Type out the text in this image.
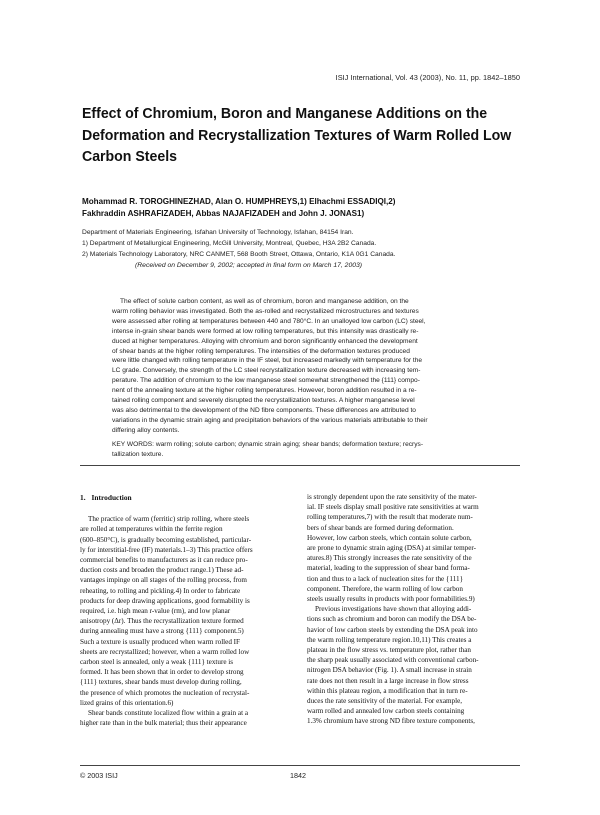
ISIJ International, Vol. 43 (2003), No. 11, pp. 1842–1850
Effect of Chromium, Boron and Manganese Additions on the
Deformation and Recrystallization Textures of Warm Rolled Low
Carbon Steels
Mohammad R. TOROGHINEZHAD, Alan O. HUMPHREYS,1) Elhachmi ESSADIQI,2)
Fakhraddin ASHRAFIZADEH, Abbas NAJAFIZADEH and John J. JONAS1)
Department of Materials Engineering, Isfahan University of Technology, Isfahan, 84154 Iran.
1) Department of Metallurgical Engineering, McGill University, Montreal, Quebec, H3A 2B2 Canada.
2) Materials Technology Laboratory, NRC CANMET, 568 Booth Street, Ottawa, Ontario, K1A 0G1 Canada.
(Received on December 9, 2002; accepted in final form on March 17, 2003)
The effect of solute carbon content, as well as of chromium, boron and manganese addition, on the
warm rolling behavior was investigated. Both the as-rolled and recrystallized microstructures and textures
were assessed after rolling at temperatures between 440 and 780°C. In an unalloyed low carbon (LC) steel,
intense in-grain shear bands were formed at low rolling temperatures, but this intensity was drastically re-
duced at higher temperatures. Alloying with chromium and boron significantly enhanced the development
of shear bands at the higher rolling temperatures. The intensities of the deformation textures produced
were little changed with rolling temperature in the IF steel, but increased markedly with temperature for the
LC grade. Conversely, the strength of the LC steel recrystallization texture decreased with increasing tem-
perature. The addition of chromium to the low manganese steel somewhat strengthened the {111} compo-
nent of the annealing texture at the higher rolling temperatures. However, boron addition resulted in a re-
tained rolling component and severely disrupted the recrystallization textures. A higher manganese level
was also detrimental to the development of the ND fibre components. These differences are attributed to
variations in the dynamic strain aging and precipitation behaviors of the various materials attributable to their
differing alloy contents.
KEY WORDS: warm rolling; solute carbon; dynamic strain aging; shear bands; deformation texture; recrys-
tallization texture.
1. Introduction
The practice of warm (ferritic) strip rolling, where steels
are rolled at temperatures within the ferrite region
(600–850°C), is gradually becoming established, particular-
ly for interstitial-free (IF) materials.1–3) This practice offers
commercial benefits to manufacturers as it can reduce pro-
duction costs and broaden the product range.1) These ad-
vantages impinge on all stages of the rolling process, from
reheating, to rolling and pickling.4) In order to fabricate
products for deep drawing applications, good formability is
required, i.e. high mean r-value (rm), and low planar
anisotropy (Δr). Thus the recrystallization texture formed
during annealing must have a strong {111} component.5)
Such a texture is usually produced when warm rolled IF
sheets are recrystallized; however, when a warm rolled low
carbon steel is annealed, only a weak {111} texture is
formed. It has been shown that in order to develop strong
{111} textures, shear bands must develop during rolling,
the presence of which promotes the nucleation of recrystal-
lized grains of this orientation.6)
Shear bands constitute localized flow within a grain at a
higher rate than in the bulk material; thus their appearance
is strongly dependent upon the rate sensitivity of the mater-
ial. IF steels display small positive rate sensitivities at warm
rolling temperatures,7) with the result that moderate num-
bers of shear bands are formed during deformation.
However, low carbon steels, which contain solute carbon,
are prone to dynamic strain aging (DSA) at similar temper-
atures.8) This strongly increases the rate sensitivity of the
material, leading to the suppression of shear band forma-
tion and thus to a lack of nucleation sites for the {111}
component. Therefore, the warm rolling of low carbon
steels usually results in products with poor formabilities.9)
Previous investigations have shown that alloying addi-
tions such as chromium and boron can modify the DSA be-
havior of low carbon steels by extending the DSA peak into
the warm rolling temperature region.10,11) This creates a
plateau in the flow stress vs. temperature plot, rather than
the sharp peak usually associated with conventional carbon-
nitrogen DSA behavior (Fig. 1). A small increase in strain
rate does not then result in a large increase in flow stress
within this plateau region, a modification that in turn re-
duces the rate sensitivity of the material. For example,
warm rolled and annealed low carbon steels containing
1.3% chromium have strong ND fibre texture components,
© 2003 ISIJ	1842
